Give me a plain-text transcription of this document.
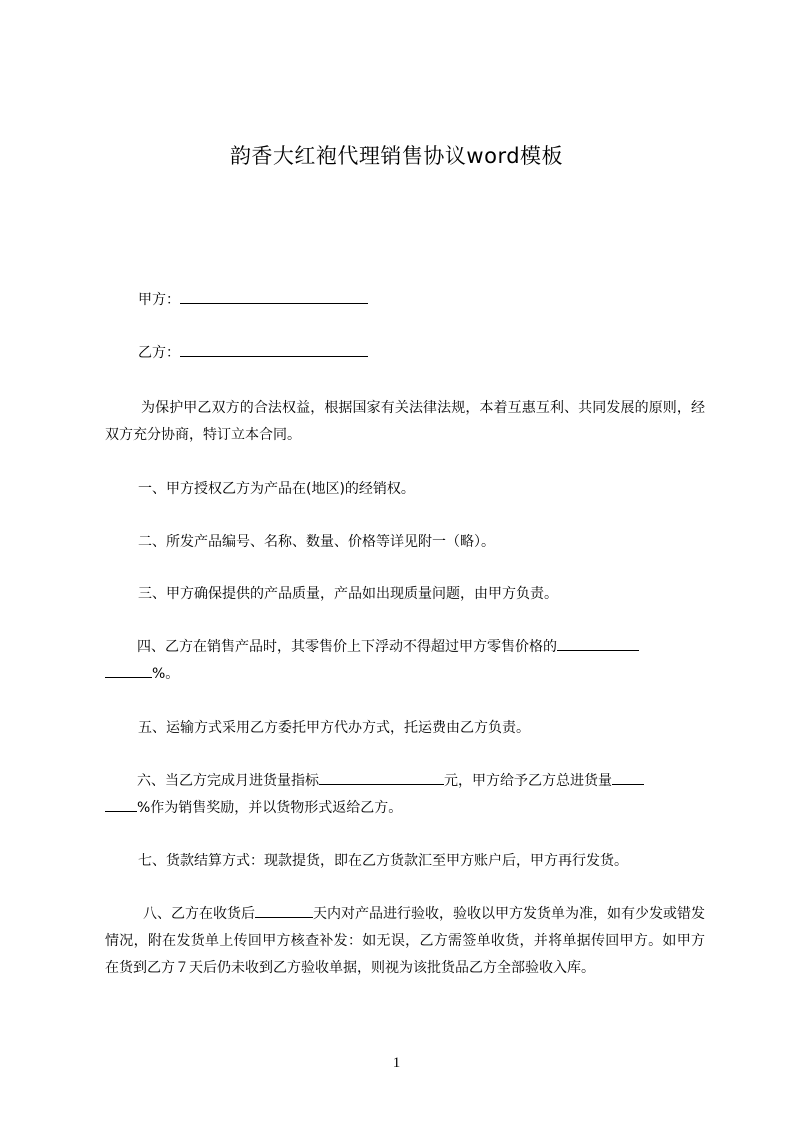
韵香大红袍代理销售协议word模板
甲方：
乙方：
为保护甲乙双方的合法权益，根据国家有关法律法规，本着互惠互利、共同发展的原则，经双方充分协商，特订立本合同。
一、甲方授权乙方为产品在(地区)的经销权。
二、所发产品编号、名称、数量、价格等详见附一（略）。
三、甲方确保提供的产品质量，产品如出现质量问题，由甲方负责。
四、乙方在销售产品时，其零售价上下浮动不得超过甲方零售价格的
%。
五、运输方式采用乙方委托甲方代办方式，托运费由乙方负责。
六、当乙方完成月进货量指标	元，甲方给予乙方总进货量
%作为销售奖励，并以货物形式返给乙方。
七、货款结算方式：现款提货，即在乙方货款汇至甲方账户后，甲方再行发货。
八、乙方在收货后	天内对产品进行验收，验收以甲方发货单为准，如有少发或错发情况，附在发货单上传回甲方核查补发：如无误，乙方需签单收货，并将单据传回甲方。如甲方在货到乙方７天后仍未收到乙方验收单据，则视为该批货品乙方全部验收入库。
1
